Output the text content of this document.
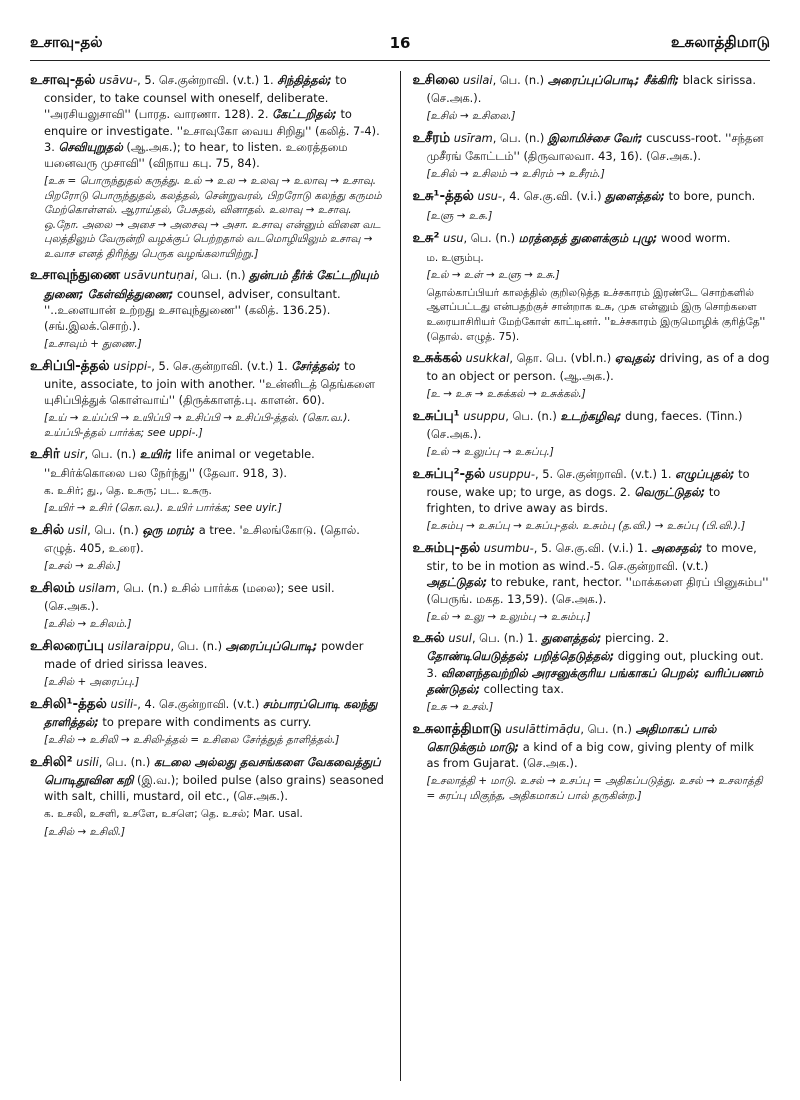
உசாவு-தல்	16	உசுலாத்திமாடு

உசாவு-தல் usāvu-, 5. செ.குன்றாவி. (v.t.) 1. சிந்தித்தல்; to consider, to take counsel with oneself, deliberate. ''அரசியலுசாவி'' (பாரத. வாரணா. 128). 2. கேட்டறிதல்; to enquire or investigate. ''உசாவுகோ வைய சிறிது'' (கலித். 7-4). 3. செவியுறுதல் (ஆ.அக.); to hear, to listen. உரைத்தமை யனைவரு முசாவி'' (விநாய கபு. 75, 84).

[உசு = பொருந்துதல் கருத்து. உல் → உல → உலவு → உலாவு → உசாவு. பிறரோடு பொருந்துதல், கலத்தல், சென்றுவரல், பிறரோடு கலந்து கருமம் மேற்கொள்ளல். ஆராய்தல், பேசுதல், வினாதல். உலாவு → உசாவு. ஒ.நோ. அலை → அசை → அசைவு → அசா. உசாவு என்னும் வினை வட புலத்திலும் வேருன்றி வழக்குப் பெற்றதால் வடமொழியிலும் உசாவு → உவாச எனத் திரிந்து பெருக வழங்கலாயிற்று.]

உசாவுந்துணை usāvuntuṇai, பெ. (n.) துன்பம் தீர்க் கேட்டறியும் துணை; கேள்வித்துணை; counsel, adviser, consultant. ''..உளையான் உற்றது உசாவுந்துணை'' (கலித். 136.25). (சங்.இலக்.சொற்.).

[உசாவும் + துணை.]

உசிப்பி-த்தல் usippi-, 5. செ.குன்றாவி. (v.t.) 1. சேர்த்தல்; to unite, associate, to join with another. ''உன்னிடத் தெங்களை யுசிப்பித்துக் கொள்வாய்'' (திருக்காளத்.பு. காளன். 60).

[உய் → உய்ப்பி → உயிப்பி → உசிப்பி → உசிப்பி-த்தல். (கொ.வ.). உய்ப்பி-த்தல் பார்க்க; see uppi-.]

உசிர் usir, பெ. (n.) உயிர்; life animal or vegetable. ''உசிர்க்கொலை பல நேர்ந்து'' (தேவா. 918, 3).

க. உசிர்; து., தெ. உசுரு; பட. உசுரு.
[உயிர் → உசிர் (கொ.வ.). உயிர் பார்க்க; see uyir.]

உசில் usil, பெ. (n.) ஒரு மரம்; a tree. 'உசிலங்கோடு. (தொல். எழுத். 405, உரை).

[உசல் → உசில்.]

உசிலம் usilam, பெ. (n.) உசில் பார்க்க (மலை); see usil. (செ.அக.).

[உசில் → உசிலம்.]

உசிலரைப்பு usilaraippu, பெ. (n.) அரைப்புப்பொடி; powder made of dried sirissa leaves.

[உசில் + அரைப்பு.]

உசிலி¹-த்தல் usili-, 4. செ.குன்றாவி. (v.t.) சம்பாரப்பொடி கலந்து தாளித்தல்; to prepare with condiments as curry.

[உசில் → உசிலி → உசிலி-த்தல் = உசிலை சேர்த்துத் தாளித்தல்.]

உசிலி² usili, பெ. (n.) கடலை அல்லது தவசங்களை வேகவைத்துப் பொடிதூவின கறி (இ.வ.); boiled pulse (also grains) seasoned with salt, chilli, mustard, oil etc., (செ.அக.).

க. உசலி, உசளி, உசளே, உசளெ; தெ. உசல்; Mar. usal.
[உசில் → உசிலி.]

உசிலை usilai, பெ. (n.) அரைப்புப்பொடி; சீக்கிரி; black sirissa. (செ.அக.).

[உசில் → உசிலை.]

உசீரம் usīram, பெ. (n.) இலாமிச்சை வேர்; cuscuss-root. ''சந்தன முசீரங் கோட்டம்'' (திருவாலவா. 43, 16). (செ.அக.).

[உசில் → உசிலம் → உசிரம் → உசீரம்.]

உசு¹-த்தல் usu-, 4. செ.கு.வி. (v.i.) துளைத்தல்; to bore, punch.

[உளு → உசு.]

உசு² usu, பெ. (n.) மரத்தைத் துளைக்கும் புழு; wood worm.

ம. உளும்பு.
[உல் → உள் → உளு → உசு.]
தொல்காப்பியர் காலத்தில் குறிலடுத்த உச்சகாரம் இரண்டே சொற்களில் ஆளப்பட்டது என்பதற்குச் சான்றாக உசு, முசு என்னும் இரு சொற்களை உரையாசிரியர் மேற்கோள் காட்டினர். ''உச்சகாரம் இருமொழிக் குரித்தே'' (தொல். எழுத். 75).

உசுக்கல் usukkal, தொ. பெ. (vbl.n.) ஏவுதல்; driving, as of a dog to an object or person. (ஆ.அக.).

[உ → உசு → உசுக்கல் → உசுக்கல்.]

உசுப்பு¹ usuppu, பெ. (n.) உடற்கழிவு; dung, faeces. (Tinn.) (செ.அக.).

[உல் → உலுப்பு → உசுப்பு.]

உசுப்பு²-தல் usuppu-, 5. செ.குன்றாவி. (v.t.) 1. எழுப்புதல்; to rouse, wake up; to urge, as dogs. 2. வெருட்டுதல்; to frighten, to drive away as birds.

[உசும்பு → உசுப்பு → உசுப்பு-தல். உசும்பு (த.வி.) → உசுப்பு (பி.வி.).]

உசும்பு-தல் usumbu-, 5. செ.கு.வி. (v.i.) 1. அசைதல்; to move, stir, to be in motion as wind.-5. செ.குன்றாவி. (v.t.) அதட்டுதல்; to rebuke, rant, hector. ''மாக்களை திரப் பினுசும்ப'' (பெருங். மகத. 13,59). (செ.அக.).

[உல் → உலு → உலும்பு → உசும்பு.]

உசுல் usul, பெ. (n.) 1. துளைத்தல்; piercing. 2. தோண்டியெடுத்தல்; பறித்தெடுத்தல்; digging out, plucking out. 3. விளைந்தவற்றில் அரசனுக்குரிய பங்காகப் பெறல்; வரிப்பணம் தண்டுதல்; collecting tax.

[உசு → உசல்.]

உசுலாத்திமாடு usulāttimāḍu, பெ. (n.) அதிமாகப் பால் கொடுக்கும் மாடு; a kind of a big cow, giving plenty of milk as from Gujarat. (செ.அக.).

[உசலாத்தி + மாடு. உசல் → உசப்பு = அதிகப்படுத்து. உசல் → உசலாத்தி = சுரப்பு மிகுந்த, அதிகமாகப் பால் தருகின்ற.]
